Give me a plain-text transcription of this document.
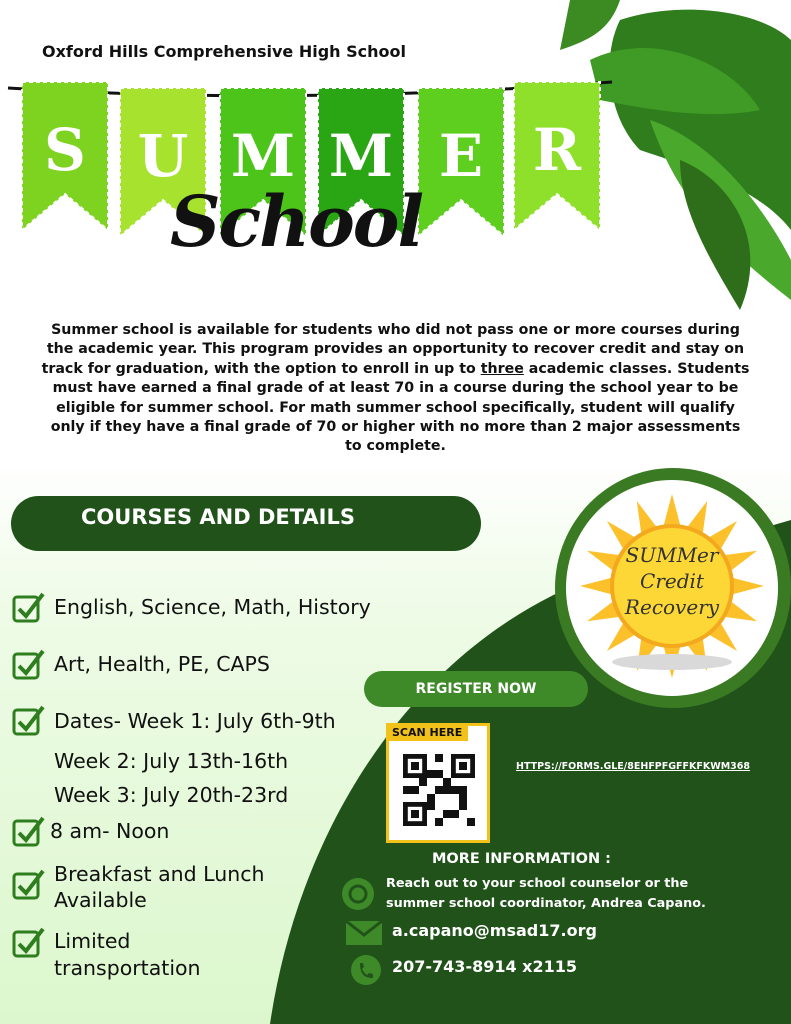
Oxford Hills Comprehensive High School
S U M M E R
School
Summer school is available for students who did not pass one or more courses during the academic year. This program provides an opportunity to recover credit and stay on track for graduation, with the option to enroll in up to three academic classes. Students must have earned a final grade of at least 70 in a course during the school year to be eligible for summer school. For math summer school specifically, student will qualify only if they have a final grade of 70 or higher with no more than 2 major assessments to complete.
COURSES AND DETAILS
English, Science, Math, History
Art, Health, PE, CAPS
Dates- Week 1: July 6th-9th
Week 2: July 13th-16th
Week 3: July 20th-23rd
8 am- Noon
Breakfast and Lunch
Available
Limited
transportation
SUMMer
Credit
Recovery
REGISTER NOW
SCAN HERE
HTTPS://FORMS.GLE/8EHFPFGFFKFKWM368
MORE INFORMATION :
Reach out to your school counselor or the summer school coordinator, Andrea Capano.
a.capano@msad17.org
207-743-8914 x2115
